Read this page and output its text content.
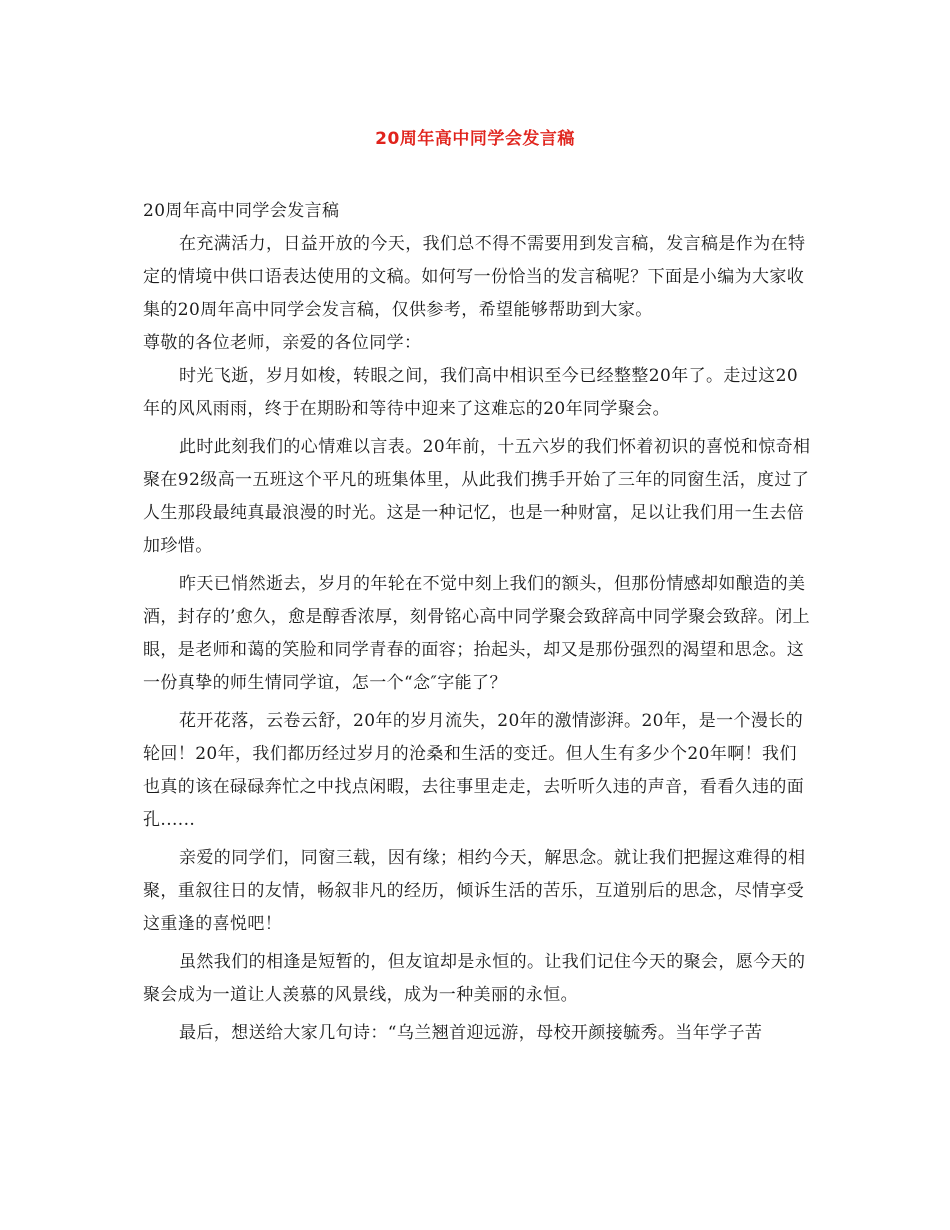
20周年高中同学会发言稿

20周年高中同学会发言稿

在充满活力，日益开放的今天，我们总不得不需要用到发言稿，发言稿是作为在特定的情境中供口语表达使用的文稿。如何写一份恰当的发言稿呢？下面是小编为大家收集的20周年高中同学会发言稿，仅供参考，希望能够帮助到大家。

尊敬的各位老师，亲爱的各位同学：

时光飞逝，岁月如梭，转眼之间，我们高中相识至今已经整整20年了。走过这20年的风风雨雨，终于在期盼和等待中迎来了这难忘的20年同学聚会。

此时此刻我们的心情难以言表。20年前，十五六岁的我们怀着初识的喜悦和惊奇相聚在92级高一五班这个平凡的班集体里，从此我们携手开始了三年的同窗生活，度过了人生那段最纯真最浪漫的时光。这是一种记忆，也是一种财富，足以让我们用一生去倍加珍惜。

昨天已悄然逝去，岁月的年轮在不觉中刻上我们的额头，但那份情感却如酿造的美酒，封存的’愈久，愈是醇香浓厚，刻骨铭心高中同学聚会致辞高中同学聚会致辞。闭上眼，是老师和蔼的笑脸和同学青春的面容；抬起头，却又是那份强烈的渴望和思念。这一份真挚的师生情同学谊，怎一个“念″字能了？

花开花落，云卷云舒，20年的岁月流失，20年的激情澎湃。20年，是一个漫长的轮回！20年，我们都历经过岁月的沧桑和生活的变迁。但人生有多少个20年啊！我们也真的该在碌碌奔忙之中找点闲暇，去往事里走走，去听听久违的声音，看看久违的面孔......

亲爱的同学们，同窗三载，因有缘；相约今天，解思念。就让我们把握这难得的相聚，重叙往日的友情，畅叙非凡的经历，倾诉生活的苦乐，互道别后的思念，尽情享受这重逢的喜悦吧！

虽然我们的相逢是短暂的，但友谊却是永恒的。让我们记住今天的聚会，愿今天的聚会成为一道让人羡慕的风景线，成为一种美丽的永恒。

最后，想送给大家几句诗：“乌兰翘首迎远游，母校开颜接毓秀。当年学子苦
